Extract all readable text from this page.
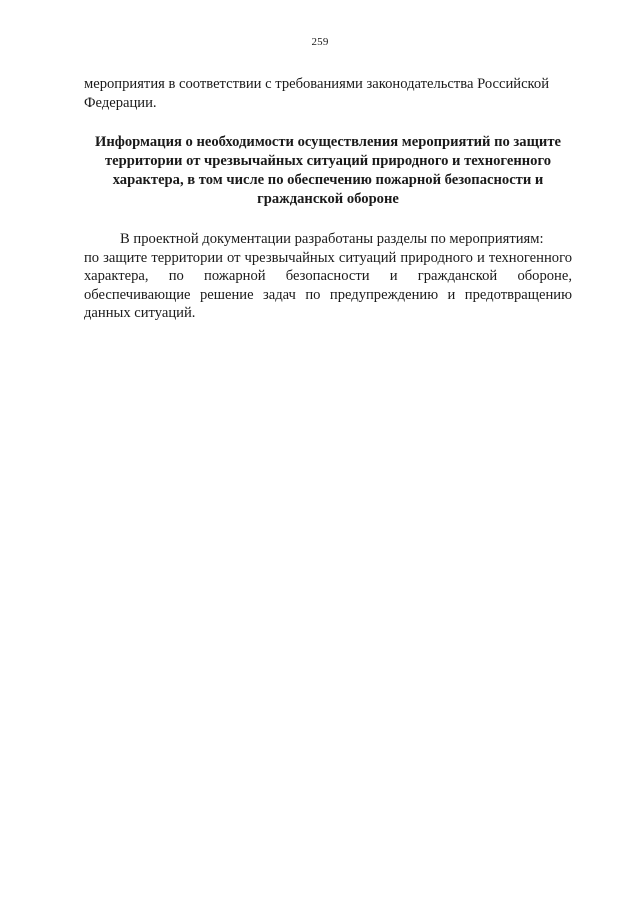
259

мероприятия в соответствии с требованиями законодательства Российской Федерации.

Информация о необходимости осуществления мероприятий по защите территории от чрезвычайных ситуаций природного и техногенного характера, в том числе по обеспечению пожарной безопасности и гражданской обороне

В проектной документации разработаны разделы по мероприятиям:

по защите территории от чрезвычайных ситуаций природного и техногенного характера, по пожарной безопасности и гражданской обороне, обеспечивающие решение задач по предупреждению и предотвращению данных ситуаций.
